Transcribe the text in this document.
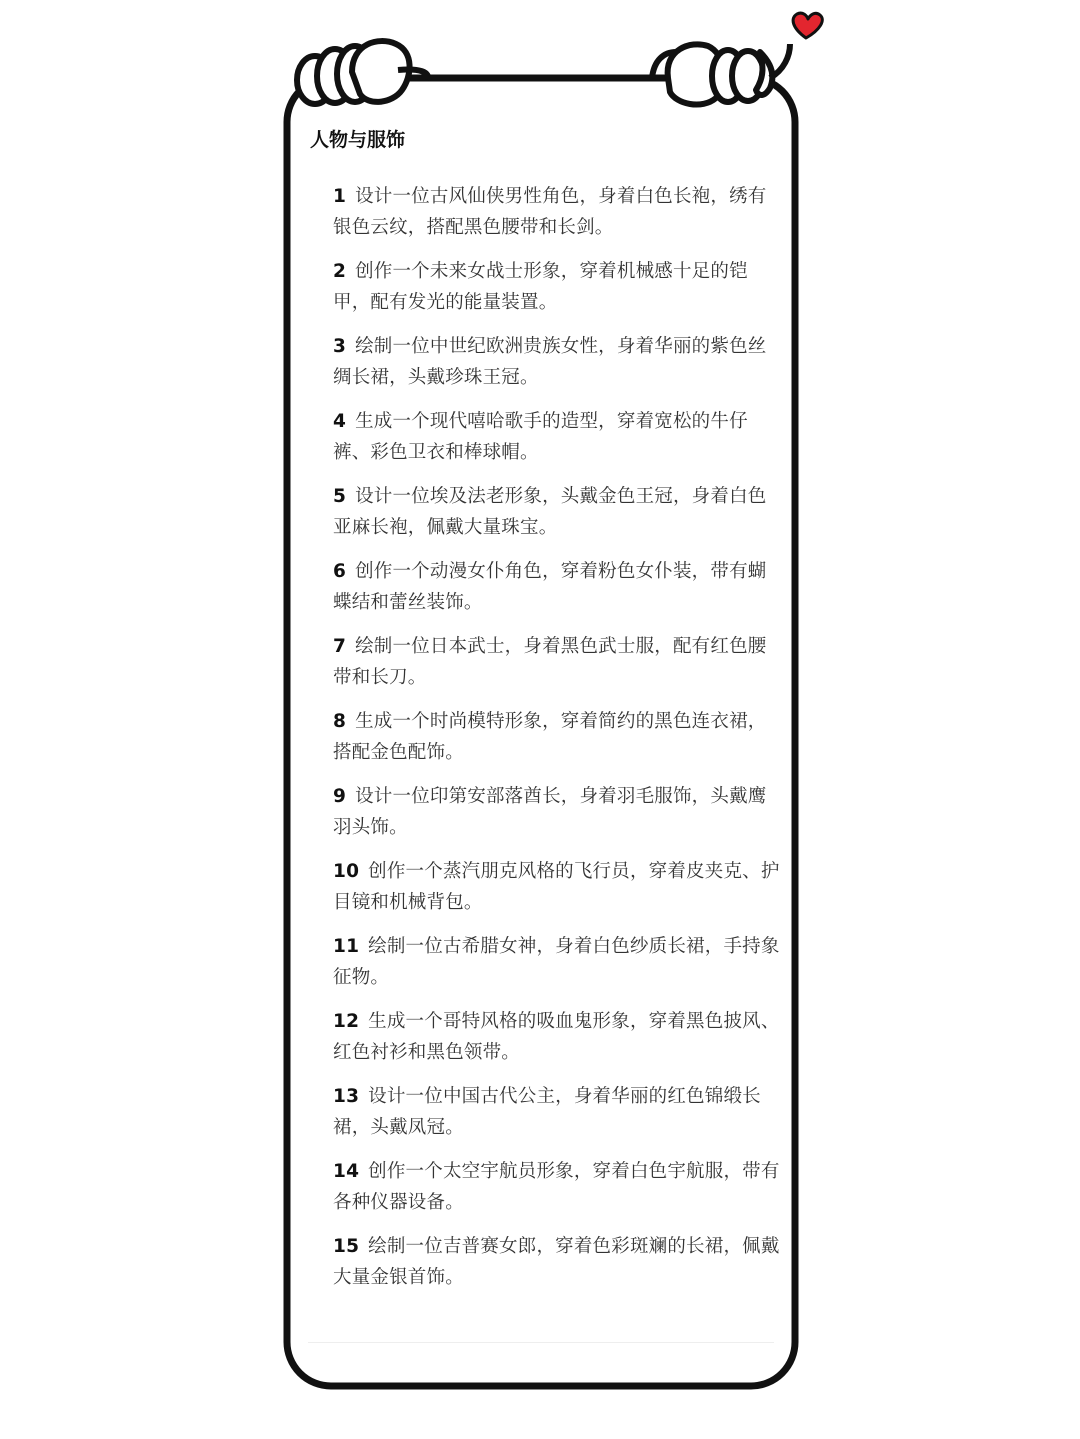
人物与服饰
1 设计一位古风仙侠男性角色，身着白色长袍，绣有银色云纹，搭配黑色腰带和长剑。
2 创作一个未来女战士形象，穿着机械感十足的铠甲，配有发光的能量装置。
3 绘制一位中世纪欧洲贵族女性，身着华丽的紫色丝绸长裙，头戴珍珠王冠。
4 生成一个现代嘻哈歌手的造型，穿着宽松的牛仔裤、彩色卫衣和棒球帽。
5 设计一位埃及法老形象，头戴金色王冠，身着白色亚麻长袍，佩戴大量珠宝。
6 创作一个动漫女仆角色，穿着粉色女仆装，带有蝴蝶结和蕾丝装饰。
7 绘制一位日本武士，身着黑色武士服，配有红色腰带和长刀。
8 生成一个时尚模特形象，穿着简约的黑色连衣裙，搭配金色配饰。
9 设计一位印第安部落酋长，身着羽毛服饰，头戴鹰羽头饰。
10 创作一个蒸汽朋克风格的飞行员，穿着皮夹克、护目镜和机械背包。
11 绘制一位古希腊女神，身着白色纱质长裙，手持象征物。
12 生成一个哥特风格的吸血鬼形象，穿着黑色披风、红色衬衫和黑色领带。
13 设计一位中国古代公主，身着华丽的红色锦缎长裙，头戴凤冠。
14 创作一个太空宇航员形象，穿着白色宇航服，带有各种仪器设备。
15 绘制一位吉普赛女郎，穿着色彩斑斓的长裙，佩戴大量金银首饰。
